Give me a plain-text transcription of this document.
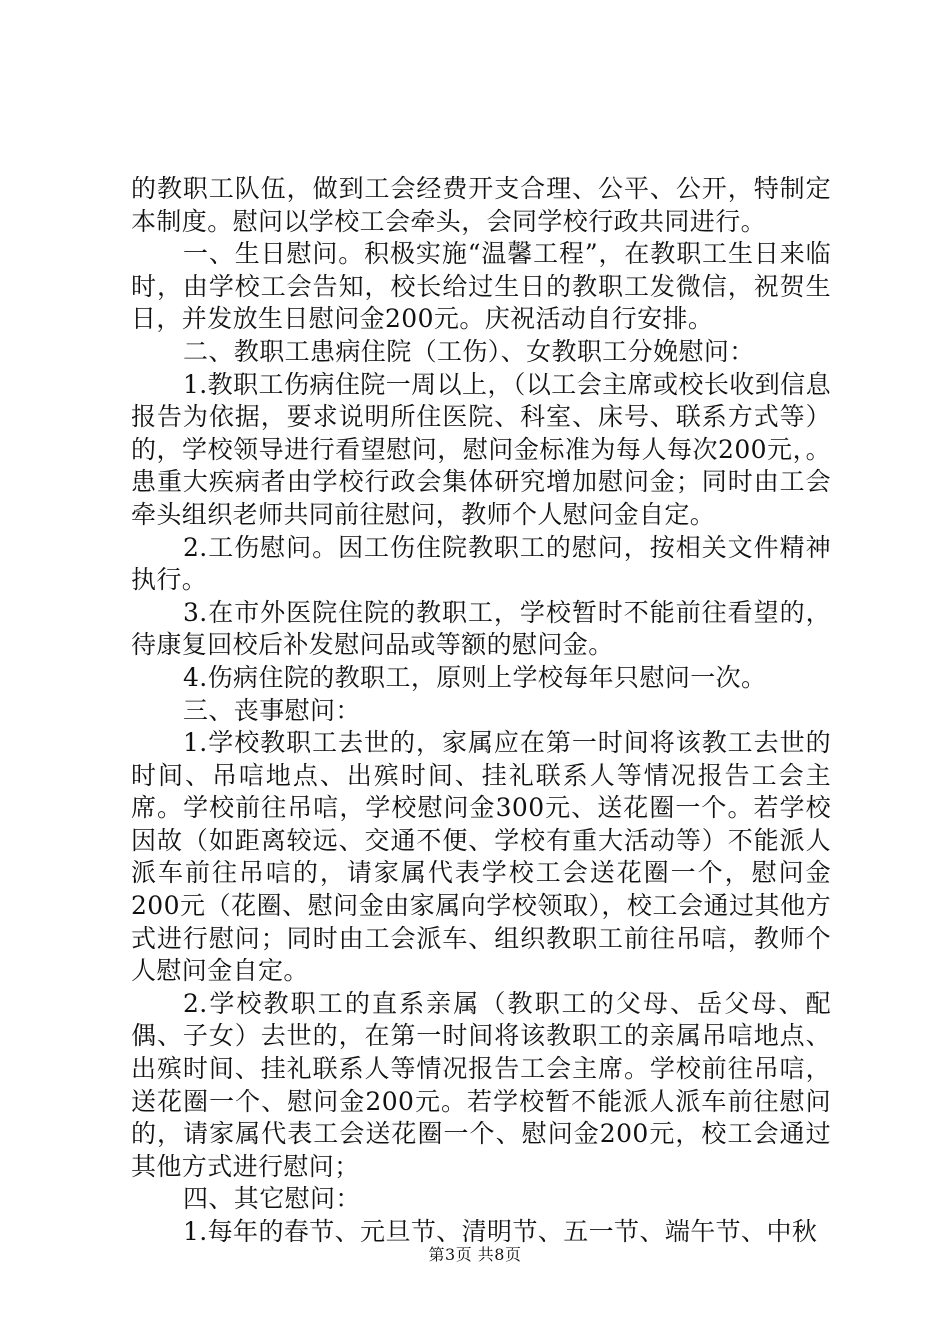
的教职工队伍，做到工会经费开支合理、公平、公开，特制定本制度。慰问以学校工会牵头，会同学校行政共同进行。

一、生日慰问。积极实施“温馨工程”，在教职工生日来临时，由学校工会告知，校长给过生日的教职工发微信，祝贺生日，并发放生日慰问金200元。庆祝活动自行安排。

二、教职工患病住院（工伤）、女教职工分娩慰问：

1.教职工伤病住院一周以上，（以工会主席或校长收到信息报告为依据，要求说明所住医院、科室、床号、联系方式等）的，学校领导进行看望慰问，慰问金标准为每人每次200元，。患重大疾病者由学校行政会集体研究增加慰问金；同时由工会牵头组织老师共同前往慰问，教师个人慰问金自定。

2.工伤慰问。因工伤住院教职工的慰问，按相关文件精神执行。

3.在市外医院住院的教职工，学校暂时不能前往看望的，待康复回校后补发慰问品或等额的慰问金。

4.伤病住院的教职工，原则上学校每年只慰问一次。

三、丧事慰问：

1.学校教职工去世的，家属应在第一时间将该教工去世的时间、吊唁地点、出殡时间、挂礼联系人等情况报告工会主席。学校前往吊唁，学校慰问金300元、送花圈一个。若学校因故（如距离较远、交通不便、学校有重大活动等）不能派人派车前往吊唁的，请家属代表学校工会送花圈一个，慰问金200元（花圈、慰问金由家属向学校领取），校工会通过其他方式进行慰问；同时由工会派车、组织教职工前往吊唁，教师个人慰问金自定。

2.学校教职工的直系亲属（教职工的父母、岳父母、配偶、子女）去世的，在第一时间将该教职工的亲属吊唁地点、出殡时间、挂礼联系人等情况报告工会主席。学校前往吊唁，送花圈一个、慰问金200元。若学校暂不能派人派车前往慰问的，请家属代表工会送花圈一个、慰问金200元，校工会通过其他方式进行慰问；

四、其它慰问：

1.每年的春节、元旦节、清明节、五一节、端午节、中秋

第3页 共8页
